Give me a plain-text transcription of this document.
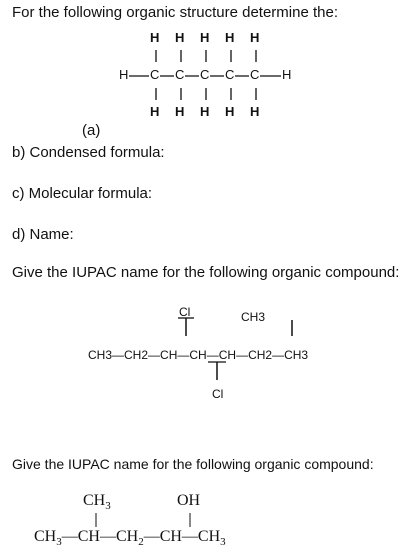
For the following organic structure determine the:
H H H H H
H C C C C C H
H H H H H
(a)
b) Condensed formula:
c) Molecular formula:
d) Name:
Give the IUPAC name for the following organic compound:
Cl	CH3
CH3—CH2—CH—CH—CH—CH2—CH3
Cl
Give the IUPAC name for the following organic compound:
$CH_3$	OH
$CH_3—CH—CH_2—CH—CH_3$
